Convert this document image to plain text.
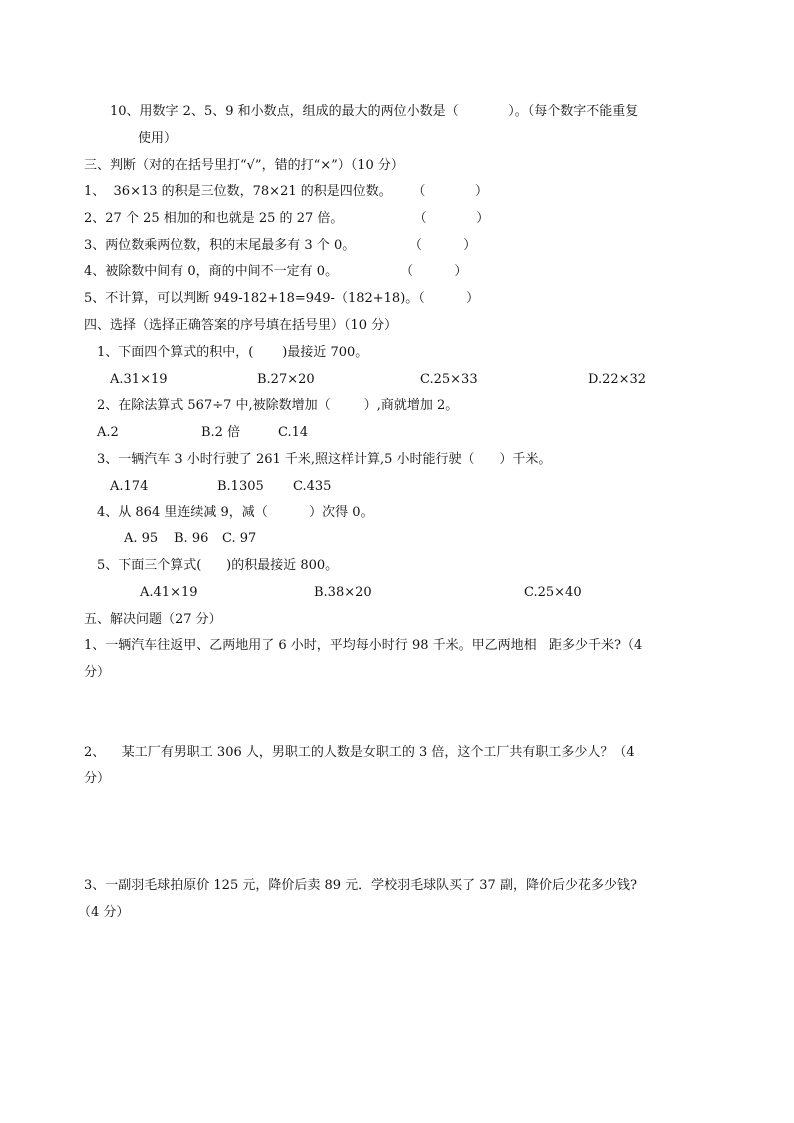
10、用数字 2、5、9 和小数点，组成的最大的两位小数是（            ）。（每个数字不能重复
使用）
三、判断（对的在括号里打“√”，错的打“×”）（10 分）
1、  36×13 的积是三位数，78×21 的积是四位数。     （            ）
2、27 个 25 相加的和也就是 25 的 27 倍。                 （            ）
3、两位数乘两位数，积的末尾最多有 3 个 0。             （          ）
4、被除数中间有 0，商的中间不一定有 0。               （          ）
5、不计算，可以判断 949-182+18=949-（182+18)。（          ）
四、选择（选择正确答案的序号填在括号里）（10 分）
1、下面四个算式的积中，(       )最接近 700。
A.31×19	B.27×20	C.25×33	D.22×32
2、在除法算式 567÷7 中,被除数增加（        ）,商就增加 2。
A.2	B.2 倍	C.14
3、一辆汽车 3 小时行驶了 261 千米,照这样计算,5 小时能行驶（      ）千米。
A.174	B.1305 C.435
4、从 864 里连续减 9，减（          ）次得 0。
A. 95 B. 96 C. 97
5、下面三个算式(      )的积最接近 800。
A.41×19	B.38×20	C.25×40
五、解决问题（27 分）
1、一辆汽车往返甲、乙两地用了 6 小时，平均每小时行 98 千米。甲乙两地相   距多少千米?（4
分）
2、    某工厂有男职工 306 人，男职工的人数是女职工的 3 倍，这个工厂共有职工多少人？（4
分）
3、一副羽毛球拍原价 125 元，降价后卖 89 元．学校羽毛球队买了 37 副，降价后少花多少钱?
（4 分）
